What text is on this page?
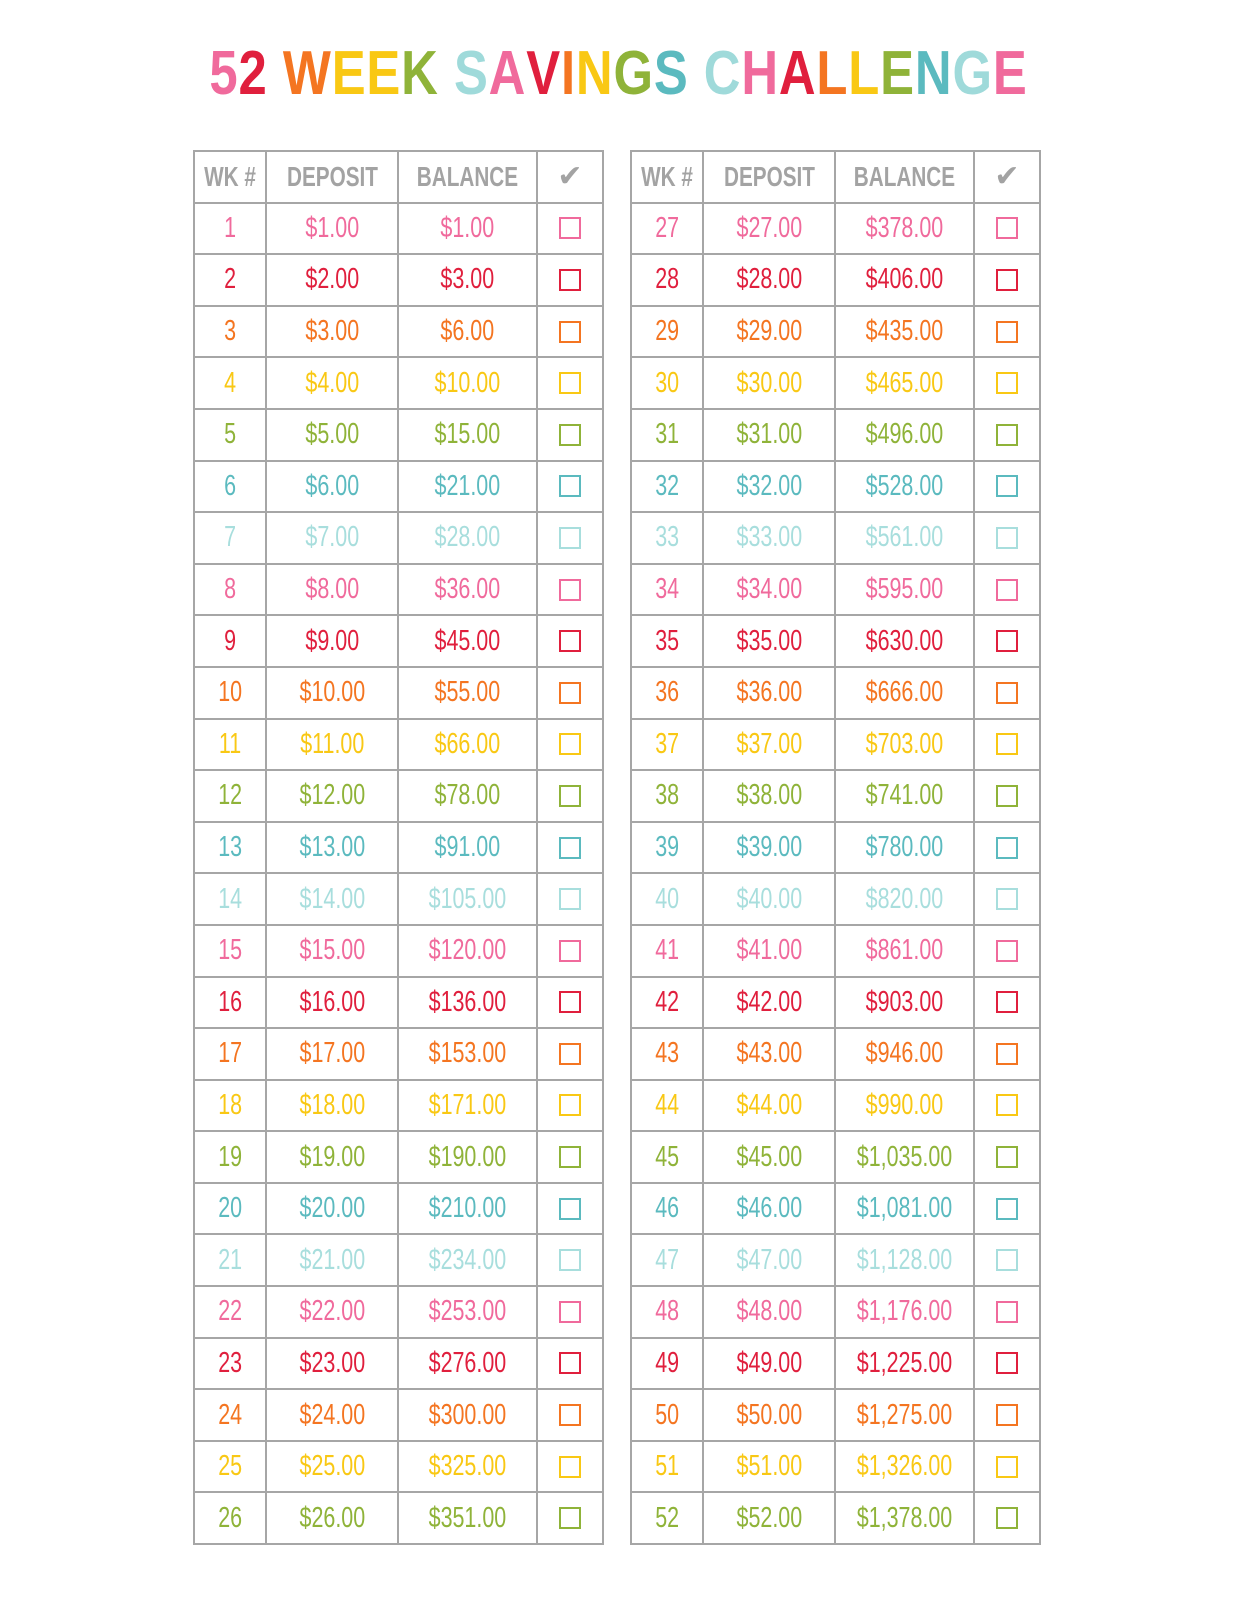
52 WEEK SAVINGS CHALLENGE
WK #	DEPOSIT	BALANCE	✔
1	$1.00	$1.00	
2	$2.00	$3.00	
3	$3.00	$6.00	
4	$4.00	$10.00	
5	$5.00	$15.00	
6	$6.00	$21.00	
7	$7.00	$28.00	
8	$8.00	$36.00	
9	$9.00	$45.00	
10	$10.00	$55.00	
11	$11.00	$66.00	
12	$12.00	$78.00	
13	$13.00	$91.00	
14	$14.00	$105.00	
15	$15.00	$120.00	
16	$16.00	$136.00	
17	$17.00	$153.00	
18	$18.00	$171.00	
19	$19.00	$190.00	
20	$20.00	$210.00	
21	$21.00	$234.00	
22	$22.00	$253.00	
23	$23.00	$276.00	
24	$24.00	$300.00	
25	$25.00	$325.00	
26	$26.00	$351.00	
WK #	DEPOSIT	BALANCE	✔
27	$27.00	$378.00	
28	$28.00	$406.00	
29	$29.00	$435.00	
30	$30.00	$465.00	
31	$31.00	$496.00	
32	$32.00	$528.00	
33	$33.00	$561.00	
34	$34.00	$595.00	
35	$35.00	$630.00	
36	$36.00	$666.00	
37	$37.00	$703.00	
38	$38.00	$741.00	
39	$39.00	$780.00	
40	$40.00	$820.00	
41	$41.00	$861.00	
42	$42.00	$903.00	
43	$43.00	$946.00	
44	$44.00	$990.00	
45	$45.00	$1,035.00	
46	$46.00	$1,081.00	
47	$47.00	$1,128.00	
48	$48.00	$1,176.00	
49	$49.00	$1,225.00	
50	$50.00	$1,275.00	
51	$51.00	$1,326.00	
52	$52.00	$1,378.00	
